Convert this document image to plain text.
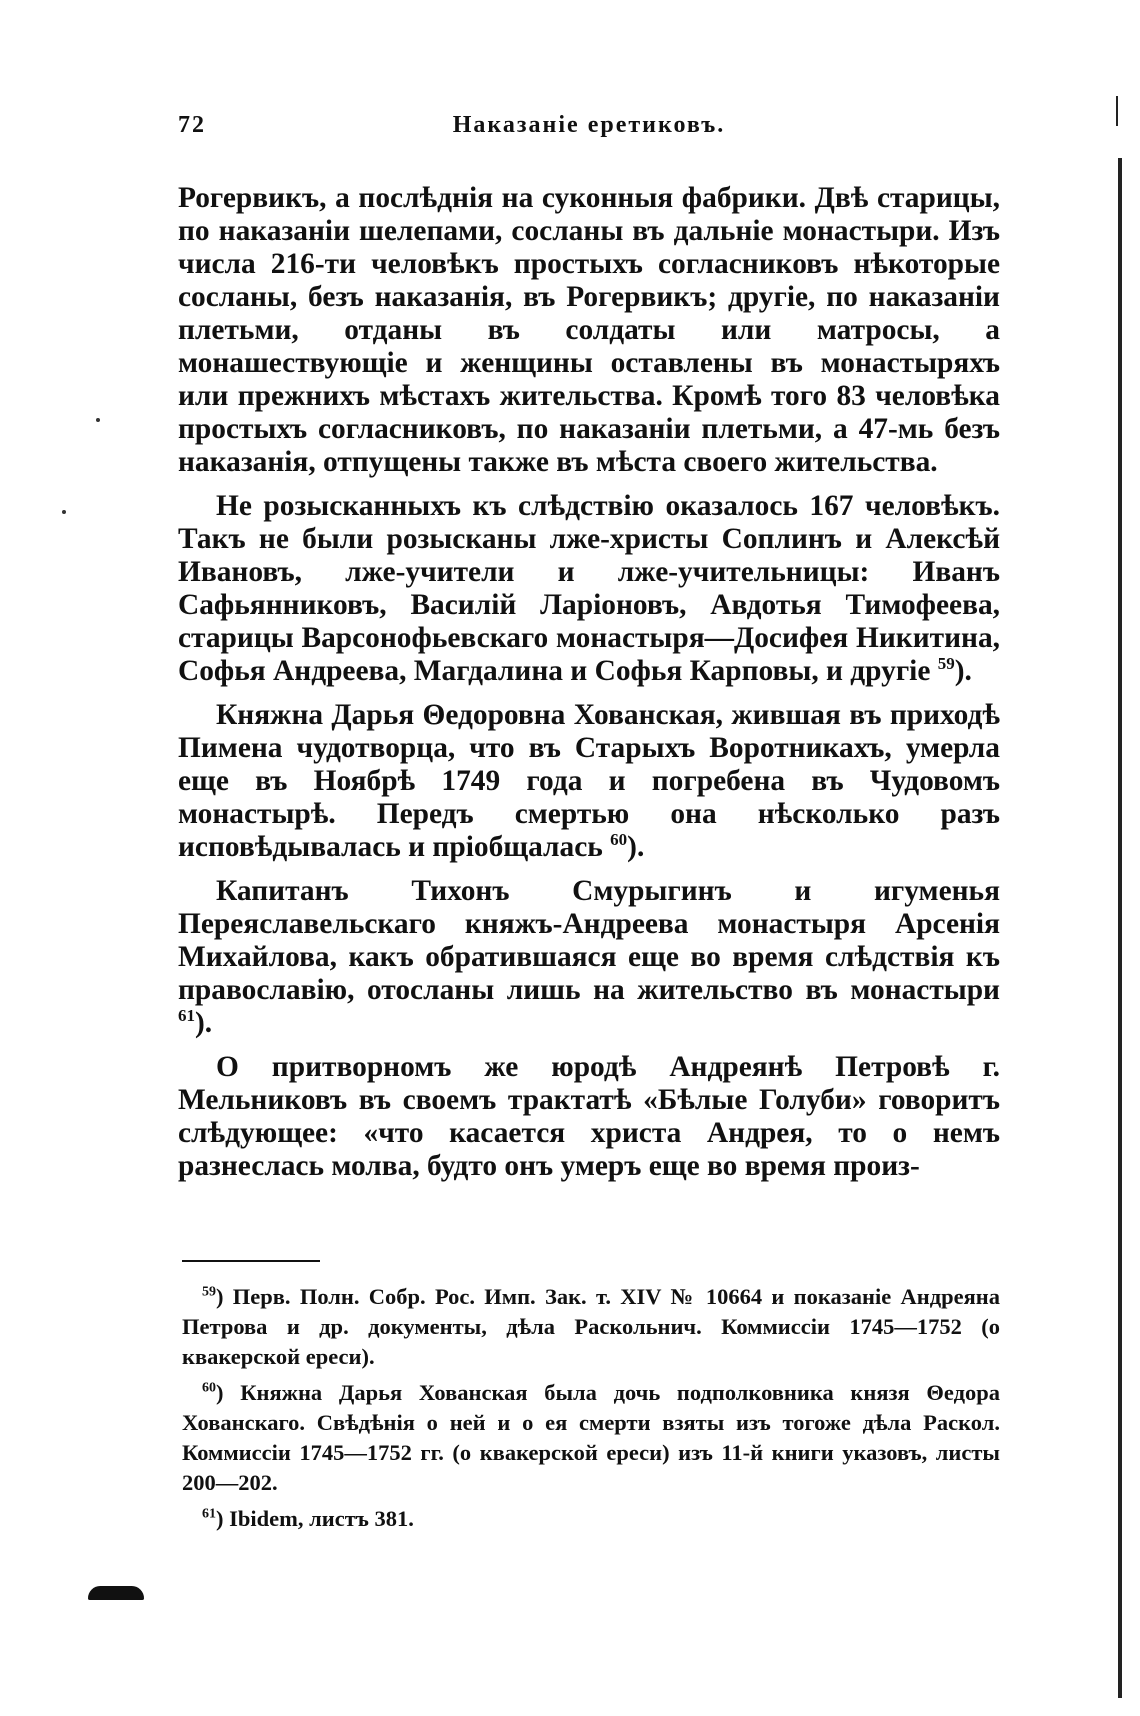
72	Наказаніе еретиковъ.

Рогервикъ, а послѣднія на суконныя фабрики. Двѣ старицы, по наказаніи шелепами, сосланы въ дальніе монастыри. Изъ числа 216-ти человѣкъ простыхъ согласниковъ нѣкоторые сосланы, безъ наказанія, въ Рогервикъ; другіе, по наказаніи плетьми, отданы въ солдаты или матросы, а монашествующіе и женщины оставлены въ монастыряхъ или прежнихъ мѣстахъ жительства. Кромѣ того 83 человѣка простыхъ согласниковъ, по наказаніи плетьми, а 47-мь безъ наказанія, отпущены также въ мѣста своего жительства.

Не розысканныхъ къ слѣдствію оказалось 167 человѣкъ. Такъ не были розысканы лже-христы Соплинъ и Алексѣй Ивановъ, лже-учители и лже-учительницы: Иванъ Сафьянниковъ, Василій Ларіоновъ, Авдотья Тимофеева, старицы Варсонофьевскаго монастыря—Досифея Никитина, Софья Андреева, Магдалина и Софья Карповы, и другіе $^{59}$).

Княжна Дарья Θедоровна Хованская, жившая въ приходѣ Пимена чудотворца, что въ Старыхъ Воротникахъ, умерла еще въ Ноябрѣ 1749 года и погребена въ Чудовомъ монастырѣ. Передъ смертью она нѣсколько разъ исповѣдывалась и пріобщалась $^{60}$).

Капитанъ Тихонъ Смурыгинъ и игуменья Переяславельскаго княжъ-Андреева монастыря Арсенія Михайлова, какъ обратившаяся еще во время слѣдствія къ православію, отосланы лишь на жительство въ монастыри $^{61}$).

О притворномъ же юродѣ Андреянѣ Петровѣ г. Мельниковъ въ своемъ трактатѣ «Бѣлые Голуби» говоритъ слѣдующее: «что касается христа Андрея, то о немъ разнеслась молва, будто онъ умеръ еще во время произ-

$^{59}$) Перв. Полн. Собр. Рос. Имп. Зак. т. XIV № 10664 и показаніе Андреяна Петрова и др. документы, дѣла Раскольнич. Коммиссіи 1745—1752 (о квакерской ереси).

$^{60}$) Княжна Дарья Хованская была дочь подполковника князя Θедора Хованскаго. Свѣдѣнія о ней и о ея смерти взяты изъ тогоже дѣла Раскол. Коммиссіи 1745—1752 гг. (о квакерской ереси) изъ 11-й книги указовъ, листы 200—202.

$^{61}$) Ibidem, листъ 381.
